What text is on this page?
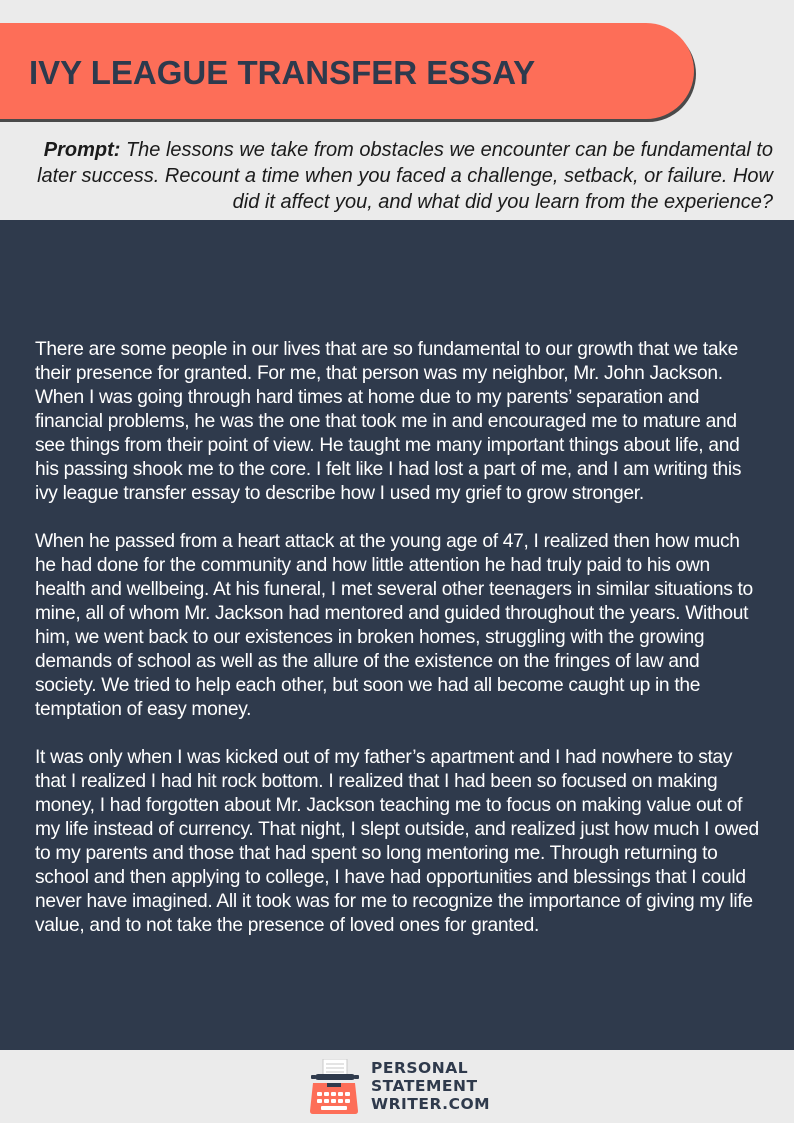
IVY LEAGUE TRANSFER ESSAY

Prompt: The lessons we take from obstacles we encounter can be fundamental to later success. Recount a time when you faced a challenge, setback, or failure. How did it affect you, and what did you learn from the experience?

There are some people in our lives that are so fundamental to our growth that we take their presence for granted. For me, that person was my neighbor, Mr. John Jackson. When I was going through hard times at home due to my parents’ separation and financial problems, he was the one that took me in and encouraged me to mature and see things from their point of view. He taught me many important things about life, and his passing shook me to the core. I felt like I had lost a part of me, and I am writing this ivy league transfer essay to describe how I used my grief to grow stronger.

When he passed from a heart attack at the young age of 47, I realized then how much he had done for the community and how little attention he had truly paid to his own health and wellbeing. At his funeral, I met several other teenagers in similar situations to mine, all of whom Mr. Jackson had mentored and guided throughout the years. Without him, we went back to our existences in broken homes, struggling with the growing demands of school as well as the allure of the existence on the fringes of law and society. We tried to help each other, but soon we had all become caught up in the temptation of easy money.

It was only when I was kicked out of my father’s apartment and I had nowhere to stay that I realized I had hit rock bottom. I realized that I had been so focused on making money, I had forgotten about Mr. Jackson teaching me to focus on making value out of my life instead of currency. That night, I slept outside, and realized just how much I owed to my parents and those that had spent so long mentoring me. Through returning to school and then applying to college, I have had opportunities and blessings that I could never have imagined. All it took was for me to recognize the importance of giving my life value, and to not take the presence of loved ones for granted.

PERSONAL
STATEMENT
WRITER.COM
